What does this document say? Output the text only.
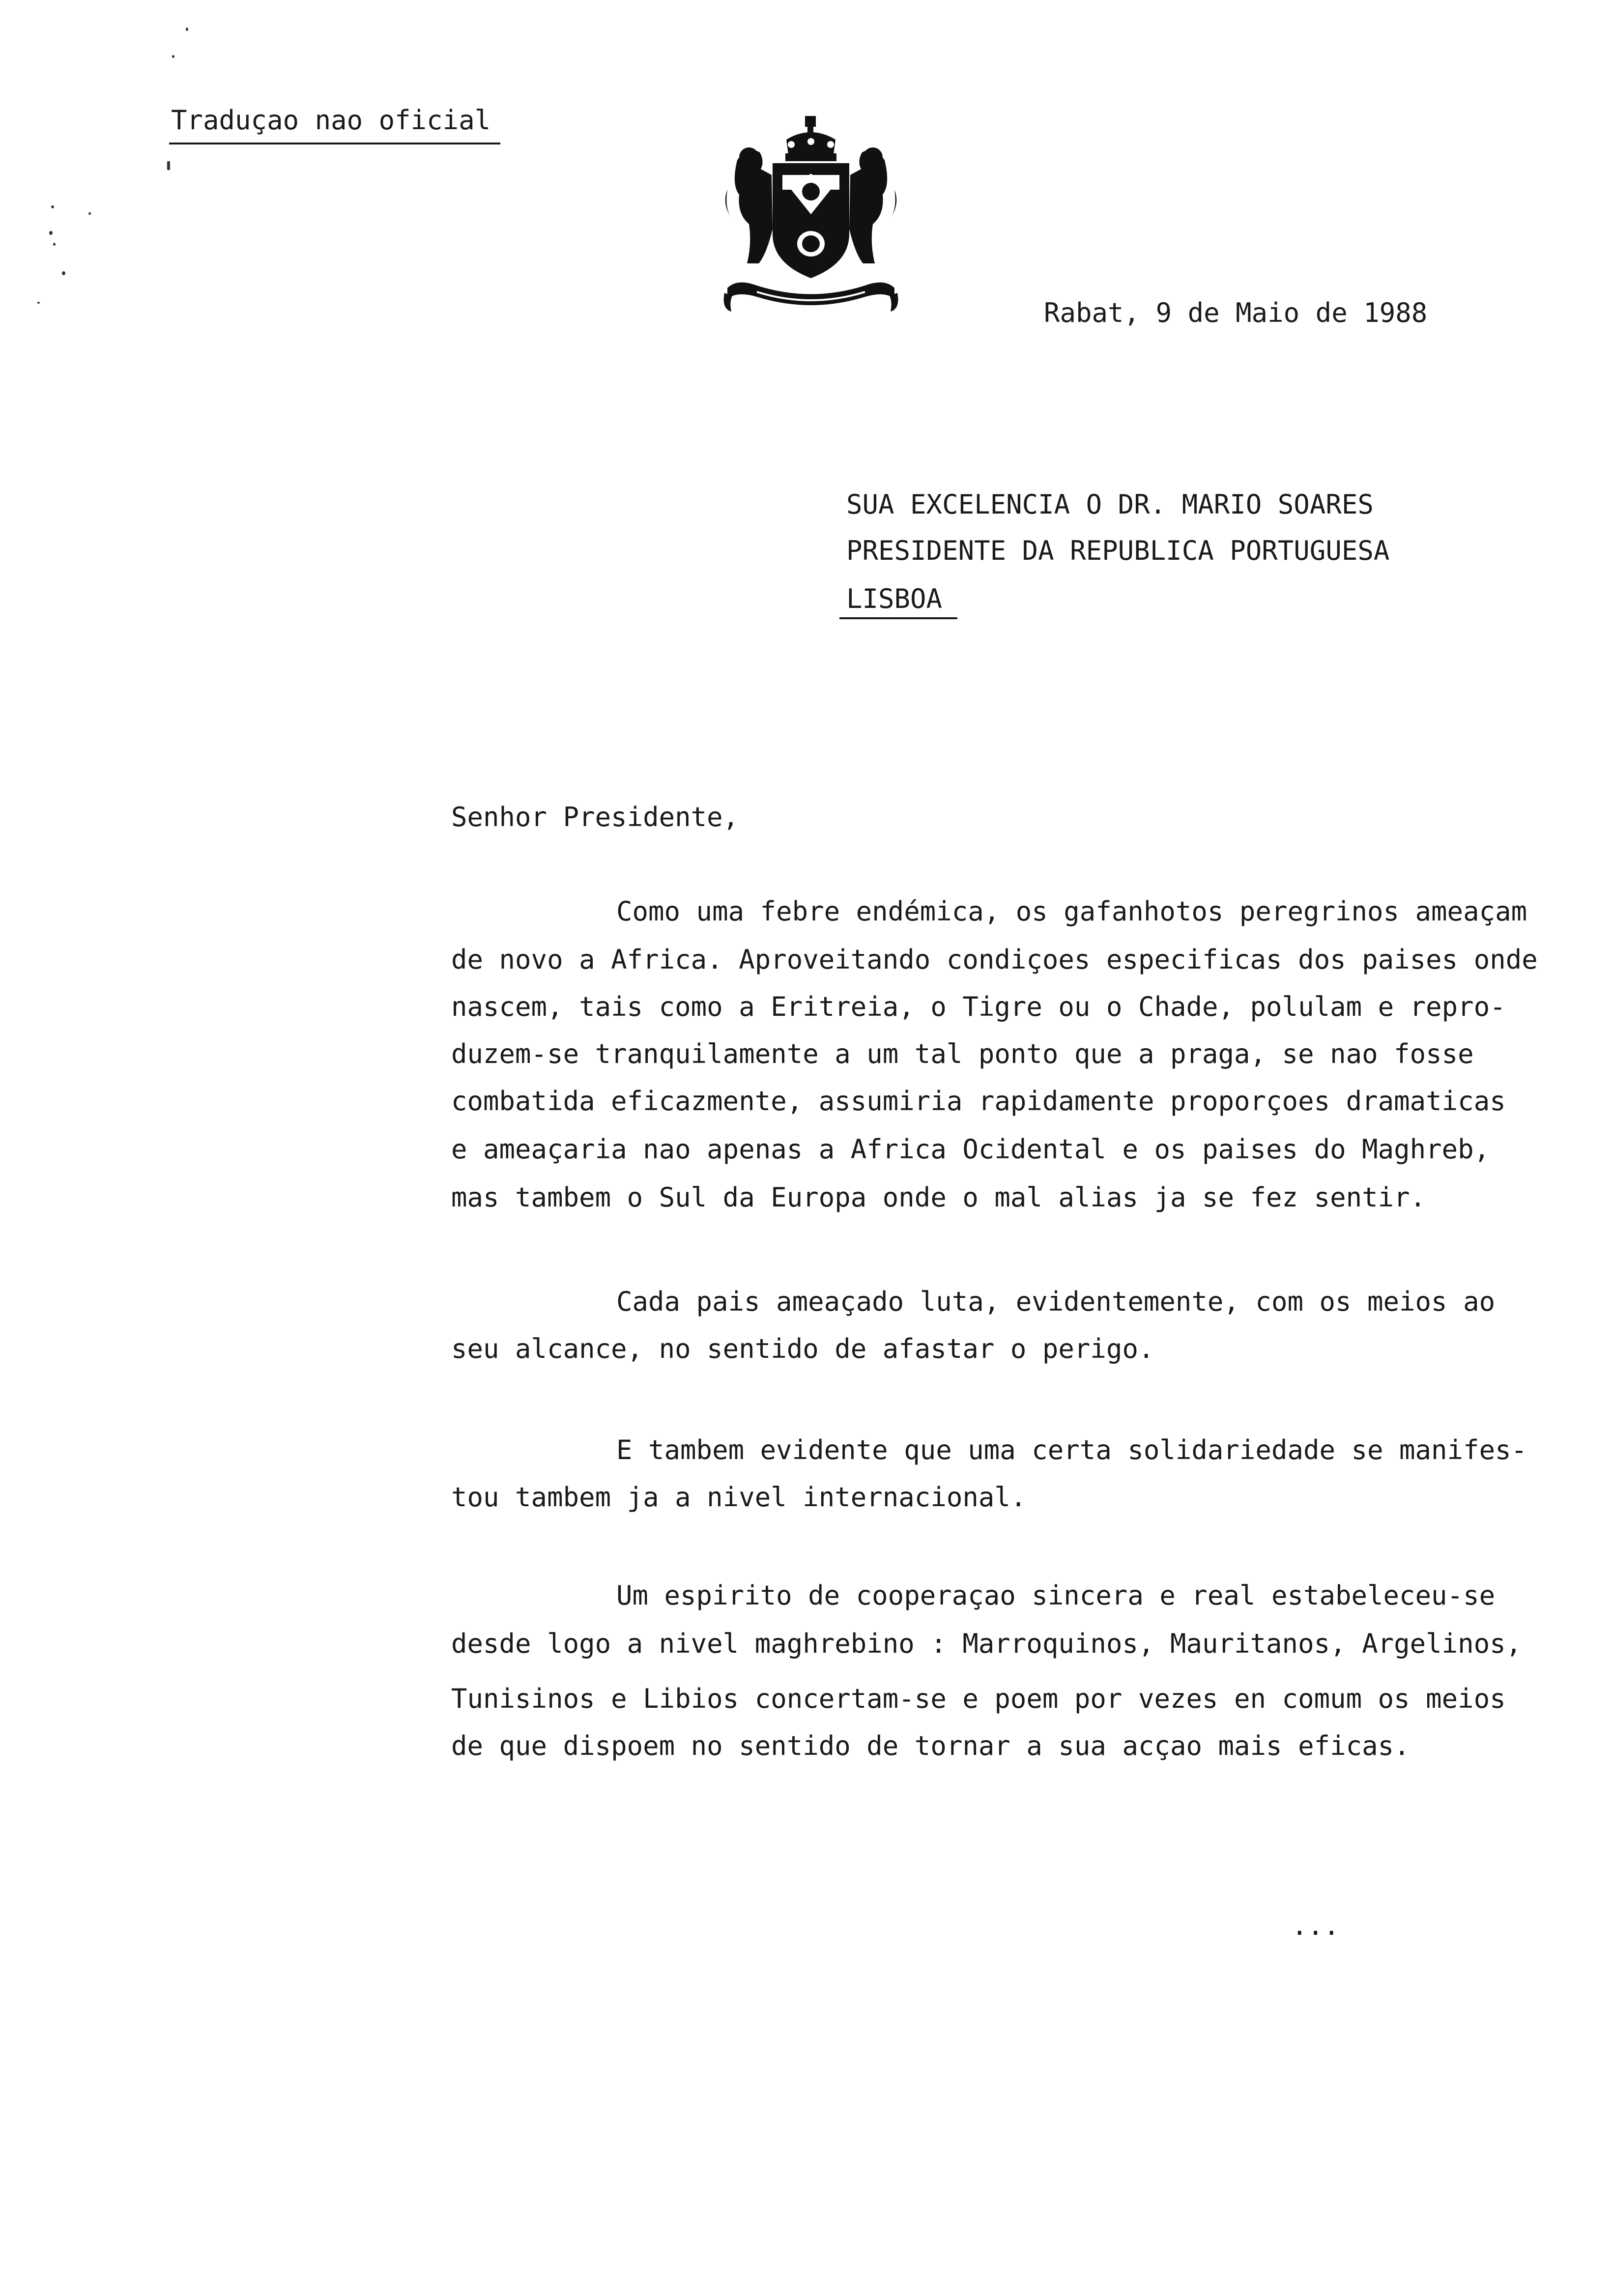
Traduçao nao oficial
Rabat, 9 de Maio de 1988
SUA EXCELENCIA O DR. MARIO SOARES
PRESIDENTE DA REPUBLICA PORTUGUESA
LISBOA
Senhor Presidente,
Como uma febre endémica, os gafanhotos peregrinos ameaçam
de novo a Africa. Aproveitando condiçoes especificas dos paises onde
nascem, tais como a Eritreia, o Tigre ou o Chade, polulam e repro-
duzem-se tranquilamente a um tal ponto que a praga, se nao fosse
combatida eficazmente, assumiria rapidamente proporçoes dramaticas
e ameaçaria nao apenas a Africa Ocidental e os paises do Maghreb,
mas tambem o Sul da Europa onde o mal alias ja se fez sentir.
Cada pais ameaçado luta, evidentemente, com os meios ao
seu alcance, no sentido de afastar o perigo.
E tambem evidente que uma certa solidariedade se manifes-
tou tambem ja a nivel internacional.
Um espirito de cooperaçao sincera e real estabeleceu-se
desde logo a nivel maghrebino : Marroquinos, Mauritanos, Argelinos,
Tunisinos e Libios concertam-se e poem por vezes en comum os meios
de que dispoem no sentido de tornar a sua acçao mais eficas.
...
